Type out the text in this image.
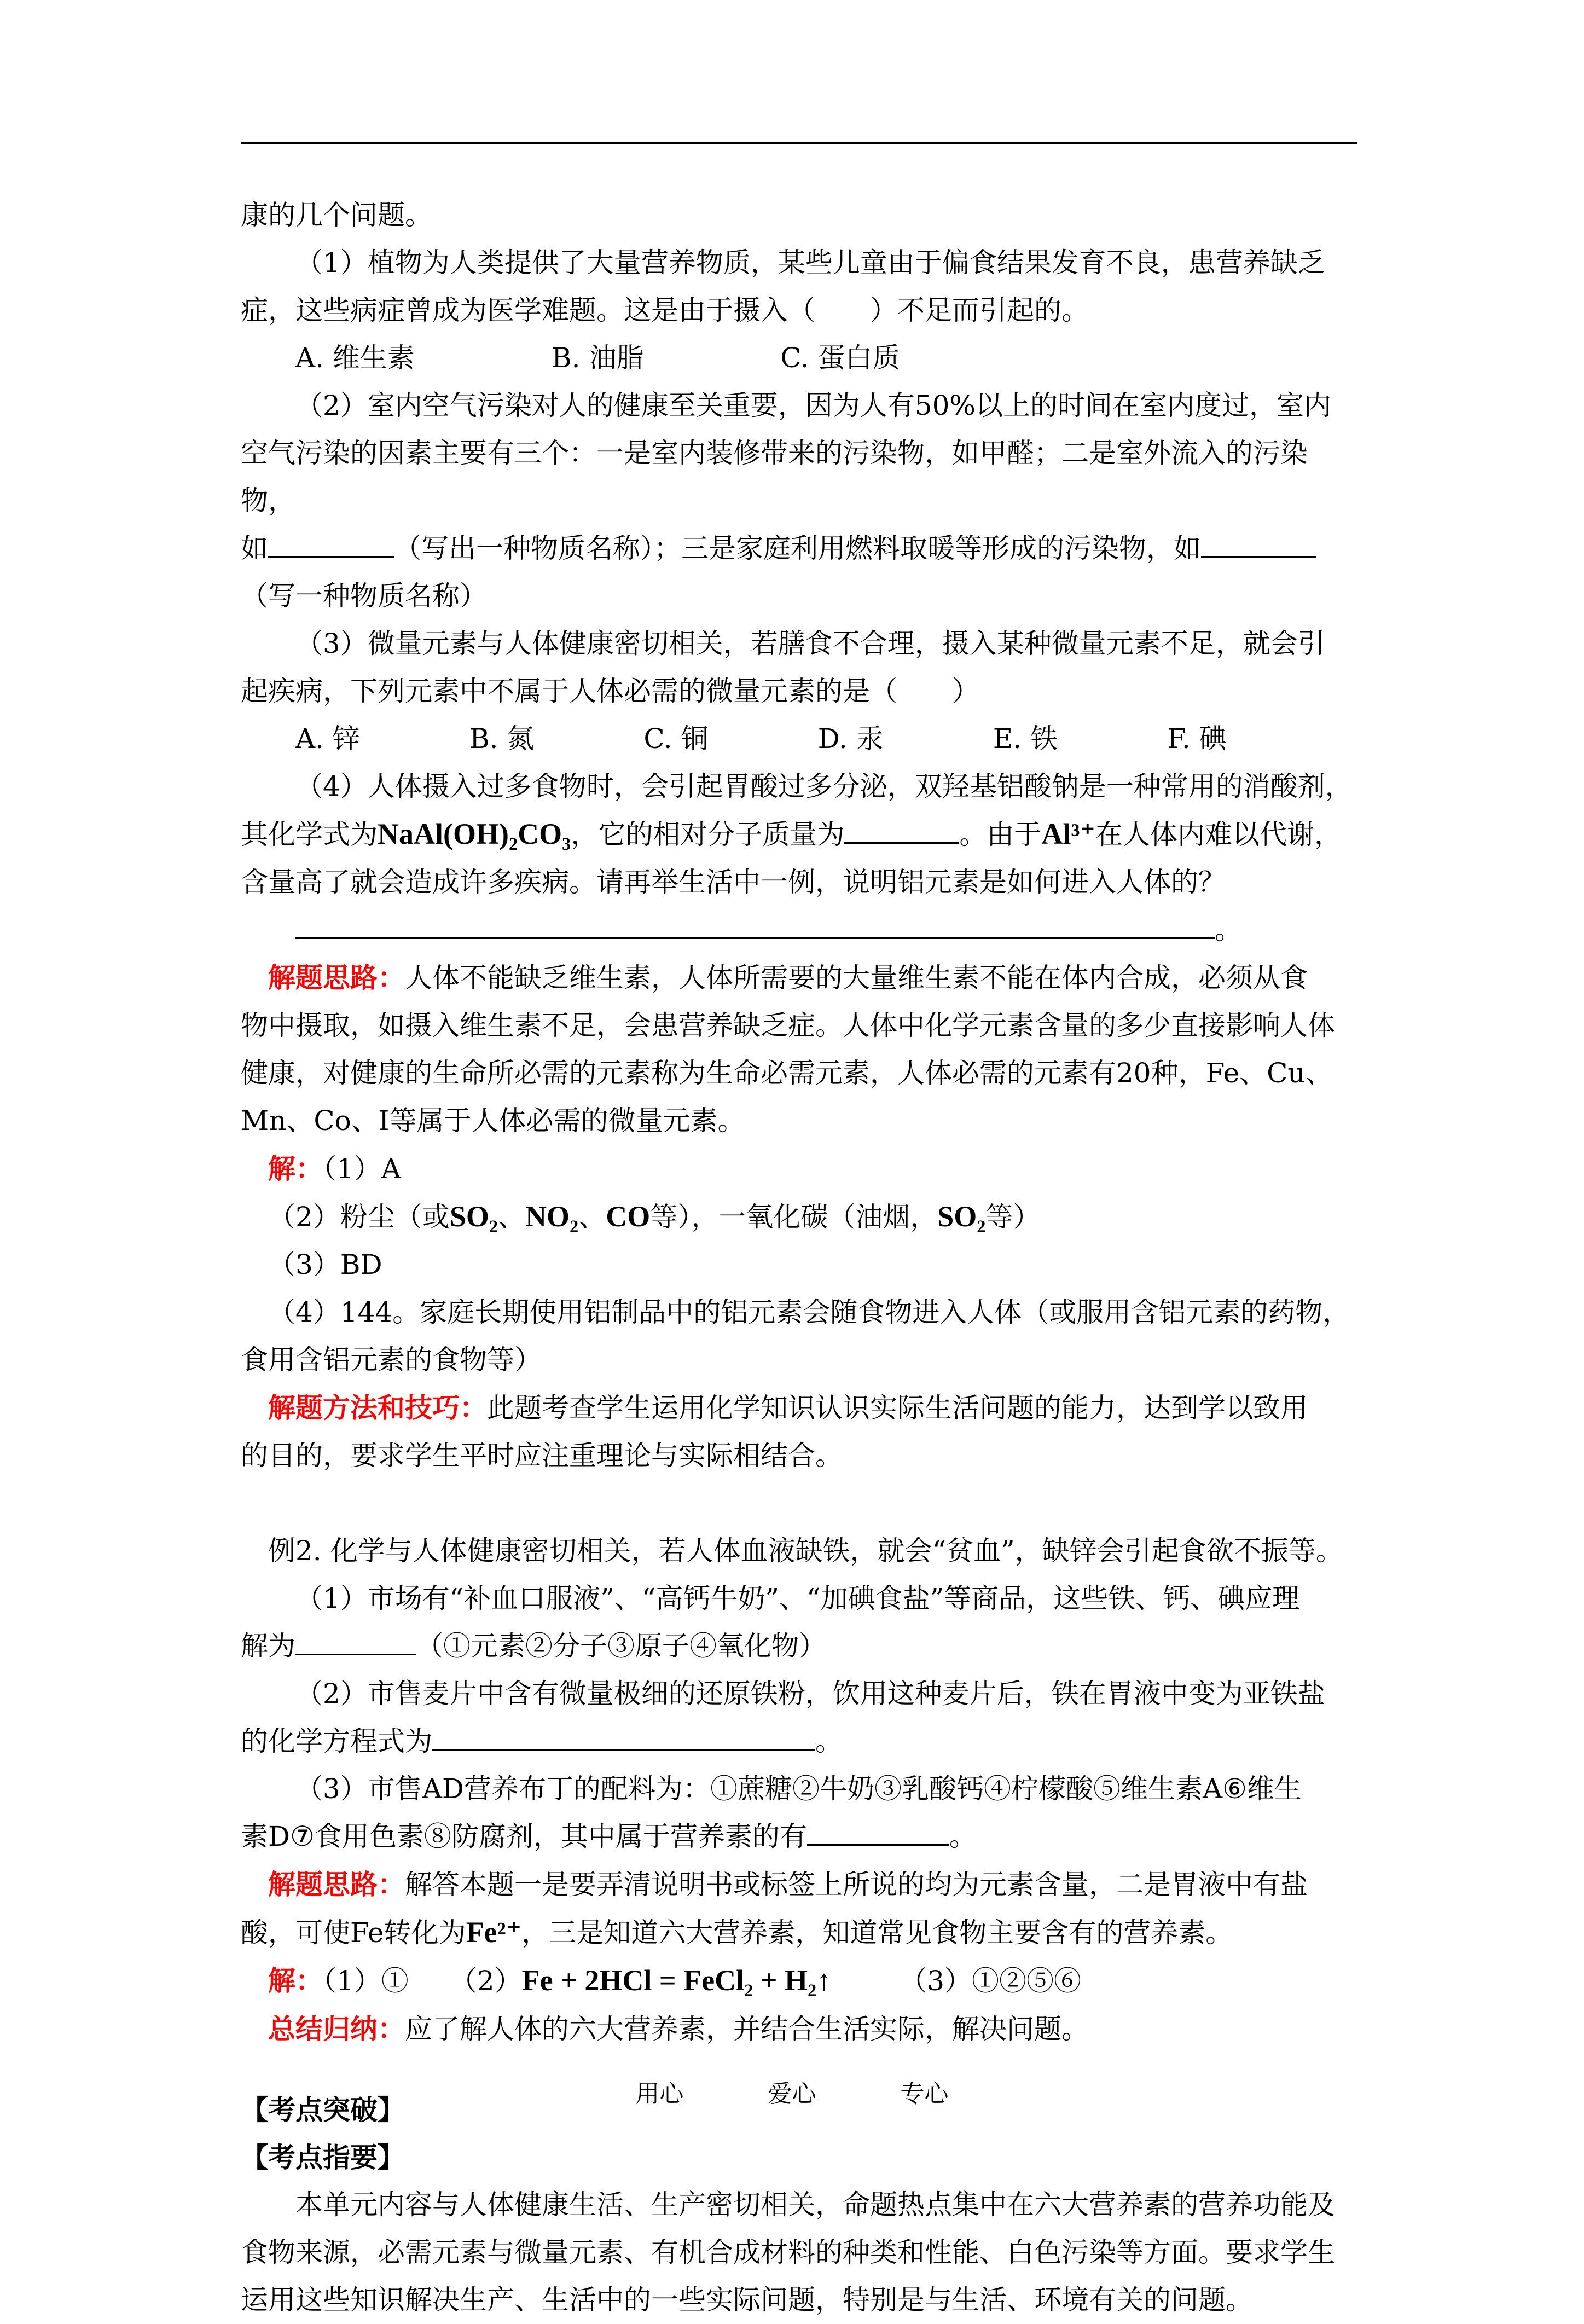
康的几个问题。

（1）植物为人类提供了大量营养物质，某些儿童由于偏食结果发育不良，患营养缺乏

症，这些病症曾成为医学难题。这是由于摄入（　　）不足而引起的。

A. 维生素　　　　　B. 油脂　　　　　C. 蛋白质

（2）室内空气污染对人的健康至关重要，因为人有50%以上的时间在室内度过，室内

空气污染的因素主要有三个：一是室内装修带来的污染物，如甲醛；二是室外流入的污染物，

如	（写出一种物质名称）；三是家庭利用燃料取暖等形成的污染物，如

（写一种物质名称）

（3）微量元素与人体健康密切相关，若膳食不合理，摄入某种微量元素不足，就会引

起疾病，下列元素中不属于人体必需的微量元素的是（　　）

A. 锌　　　　B. 氮　　　　C. 铜　　　　D. 汞　　　　E. 铁　　　　F. 碘

（4）人体摄入过多食物时，会引起胃酸过多分泌，双羟基铝酸钠是一种常用的消酸剂，

其化学式为NaAl(OH)₂CO₃，它的相对分子质量为	。由于Al³⁺在人体内难以代谢，

含量高了就会造成许多疾病。请再举生活中一例，说明铝元素是如何进入人体的？

。

解题思路：人体不能缺乏维生素，人体所需要的大量维生素不能在体内合成，必须从食

物中摄取，如摄入维生素不足，会患营养缺乏症。人体中化学元素含量的多少直接影响人体

健康，对健康的生命所必需的元素称为生命必需元素，人体必需的元素有20种，Fe、Cu、

Mn、Co、I等属于人体必需的微量元素。

解：（1）A

（2）粉尘（或SO₂、NO₂、CO等），一氧化碳（油烟，SO₂等）

（3）BD

（4）144。家庭长期使用铝制品中的铝元素会随食物进入人体（或服用含铝元素的药物，

食用含铝元素的食物等）

解题方法和技巧：此题考查学生运用化学知识认识实际生活问题的能力，达到学以致用

的目的，要求学生平时应注重理论与实际相结合。

例2. 化学与人体健康密切相关，若人体血液缺铁，就会“贫血”，缺锌会引起食欲不振等。

（1）市场有“补血口服液”、“高钙牛奶”、“加碘食盐”等商品，这些铁、钙、碘应理

解为	（①元素②分子③原子④氧化物）

（2）市售麦片中含有微量极细的还原铁粉，饮用这种麦片后，铁在胃液中变为亚铁盐

的化学方程式为	。

（3）市售AD营养布丁的配料为：①蔗糖②牛奶③乳酸钙④柠檬酸⑤维生素A⑥维生

素D⑦食用色素⑧防腐剂，其中属于营养素的有	。

解题思路：解答本题一是要弄清说明书或标签上所说的均为元素含量，二是胃液中有盐

酸，可使Fe转化为Fe²⁺，三是知道六大营养素，知道常见食物主要含有的营养素。

解：（1）①　　（2）Fe + 2HCl = FeCl₂ + H₂↑　　　（3）①②⑤⑥

总结归纳：应了解人体的六大营养素，并结合生活实际，解决问题。

【考点突破】

【考点指要】

本单元内容与人体健康生活、生产密切相关，命题热点集中在六大营养素的营养功能及

食物来源，必需元素与微量元素、有机合成材料的种类和性能、白色污染等方面。要求学生

运用这些知识解决生产、生活中的一些实际问题，特别是与生活、环境有关的问题。

用心	爱心	专心
